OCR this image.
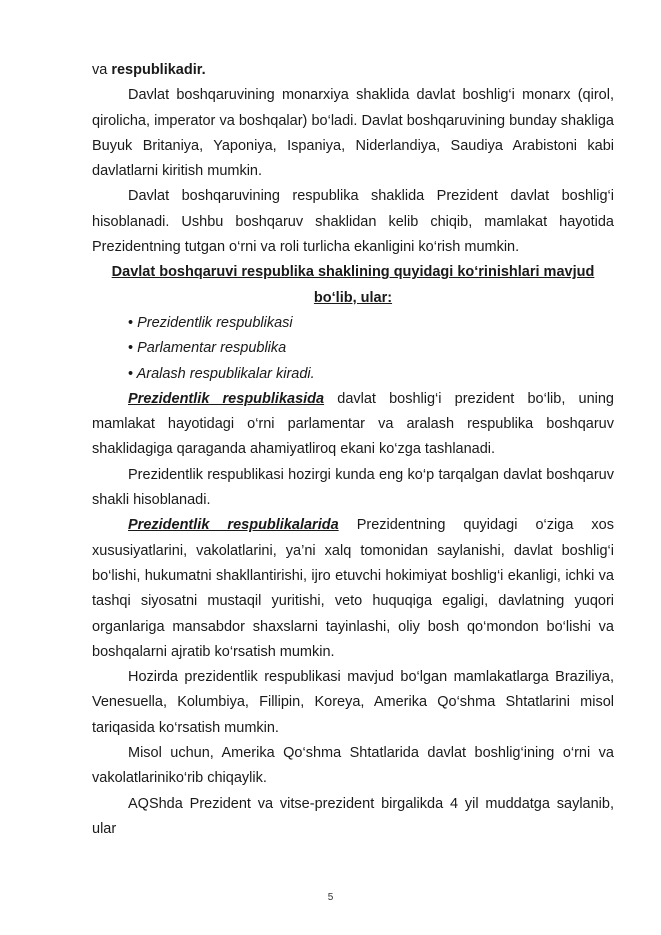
va respublikadir.

Davlat boshqaruvining monarxiya shaklida davlat boshlig‘i monarx (qirol, qirolicha, imperator va boshqalar) bo‘ladi. Davlat boshqaruvining bunday shakliga Buyuk Britaniya, Yaponiya, Ispaniya, Niderlandiya, Saudiya Arabistoni kabi davlatlarni kiritish mumkin.

Davlat boshqaruvining respublika shaklida Prezident davlat boshlig‘i hisoblanadi. Ushbu boshqaruv shaklidan kelib chiqib, mamlakat hayotida Prezidentning tutgan o‘rni va roli turlicha ekanligini ko‘rish mumkin.

Davlat boshqaruvi respublika shaklining quyidagi ko‘rinishlari mavjud bo‘lib, ular:

• Prezidentlik respublikasi

• Parlamentar respublika

• Aralash respublikalar kiradi.

Prezidentlik respublikasida davlat boshlig‘i prezident bo‘lib, uning mamlakat hayotidagi o‘rni parlamentar va aralash respublika boshqaruv shaklidagiga qaraganda ahamiyatliroq ekani ko‘zga tashlanadi.

Prezidentlik respublikasi hozirgi kunda eng ko‘p tarqalgan davlat boshqaruv shakli hisoblanadi.

Prezidentlik respublikalarida Prezidentning quyidagi o‘ziga xos xususiyatlarini, vakolatlarini, ya’ni xalq tomonidan saylanishi, davlat boshlig‘i bo‘lishi, hukumatni shakllantirishi, ijro etuvchi hokimiyat boshlig‘i ekanligi, ichki va tashqi siyosatni mustaqil yuritishi, veto huquqiga egaligi, davlatning yuqori organlariga mansabdor shaxslarni tayinlashi, oliy bosh qo‘mondon bo‘lishi va boshqalarni ajratib ko‘rsatish mumkin.

Hozirda prezidentlik respublikasi mavjud bo‘lgan mamlakatlarga Braziliya, Venesuella, Kolumbiya, Fillipin, Koreya, Amerika Qo‘shma Shtatlarini misol tariqasida ko‘rsatish mumkin.

Misol uchun, Amerika Qo‘shma Shtatlarida davlat boshlig‘ining o‘rni va vakolatlariniko‘rib chiqaylik.

AQShda Prezident va vitse-prezident birgalikda 4 yil muddatga saylanib, ular

5
